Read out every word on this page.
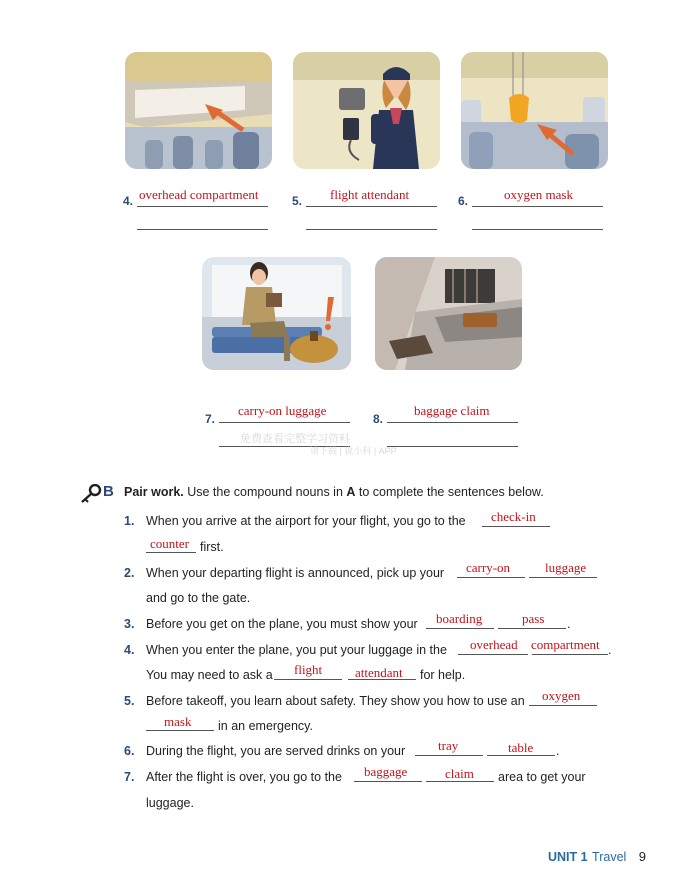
4. overhead compartment	5. flight attendant	6.	oxygen mask
7.
carry-on luggage
8.
baggage claim
免费查看完整学习资料
请下载 | 说小科 | APP
B Pair work. Use the compound nouns in A to complete the sentences below.
1. When you arrive at the airport for your flight, you go to the check-in
counter first.
2. When your departing flight is announced, pick up your carry-on	luggage
and go to the gate.
3. Before you get on the plane, you must show your boarding	pass .
4. When you enter the plane, you put your luggage in the overhead compartment .
You may need to ask a flight	attendant for help.
5. Before takeoff, you learn about safety. They show you how to use an oxygen
mask in an emergency.
6. During the flight, you are served drinks on your	tray	table .
7. After the flight is over, you go to the baggage	claim area to get your
luggage.
UNIT 1 Travel 9
